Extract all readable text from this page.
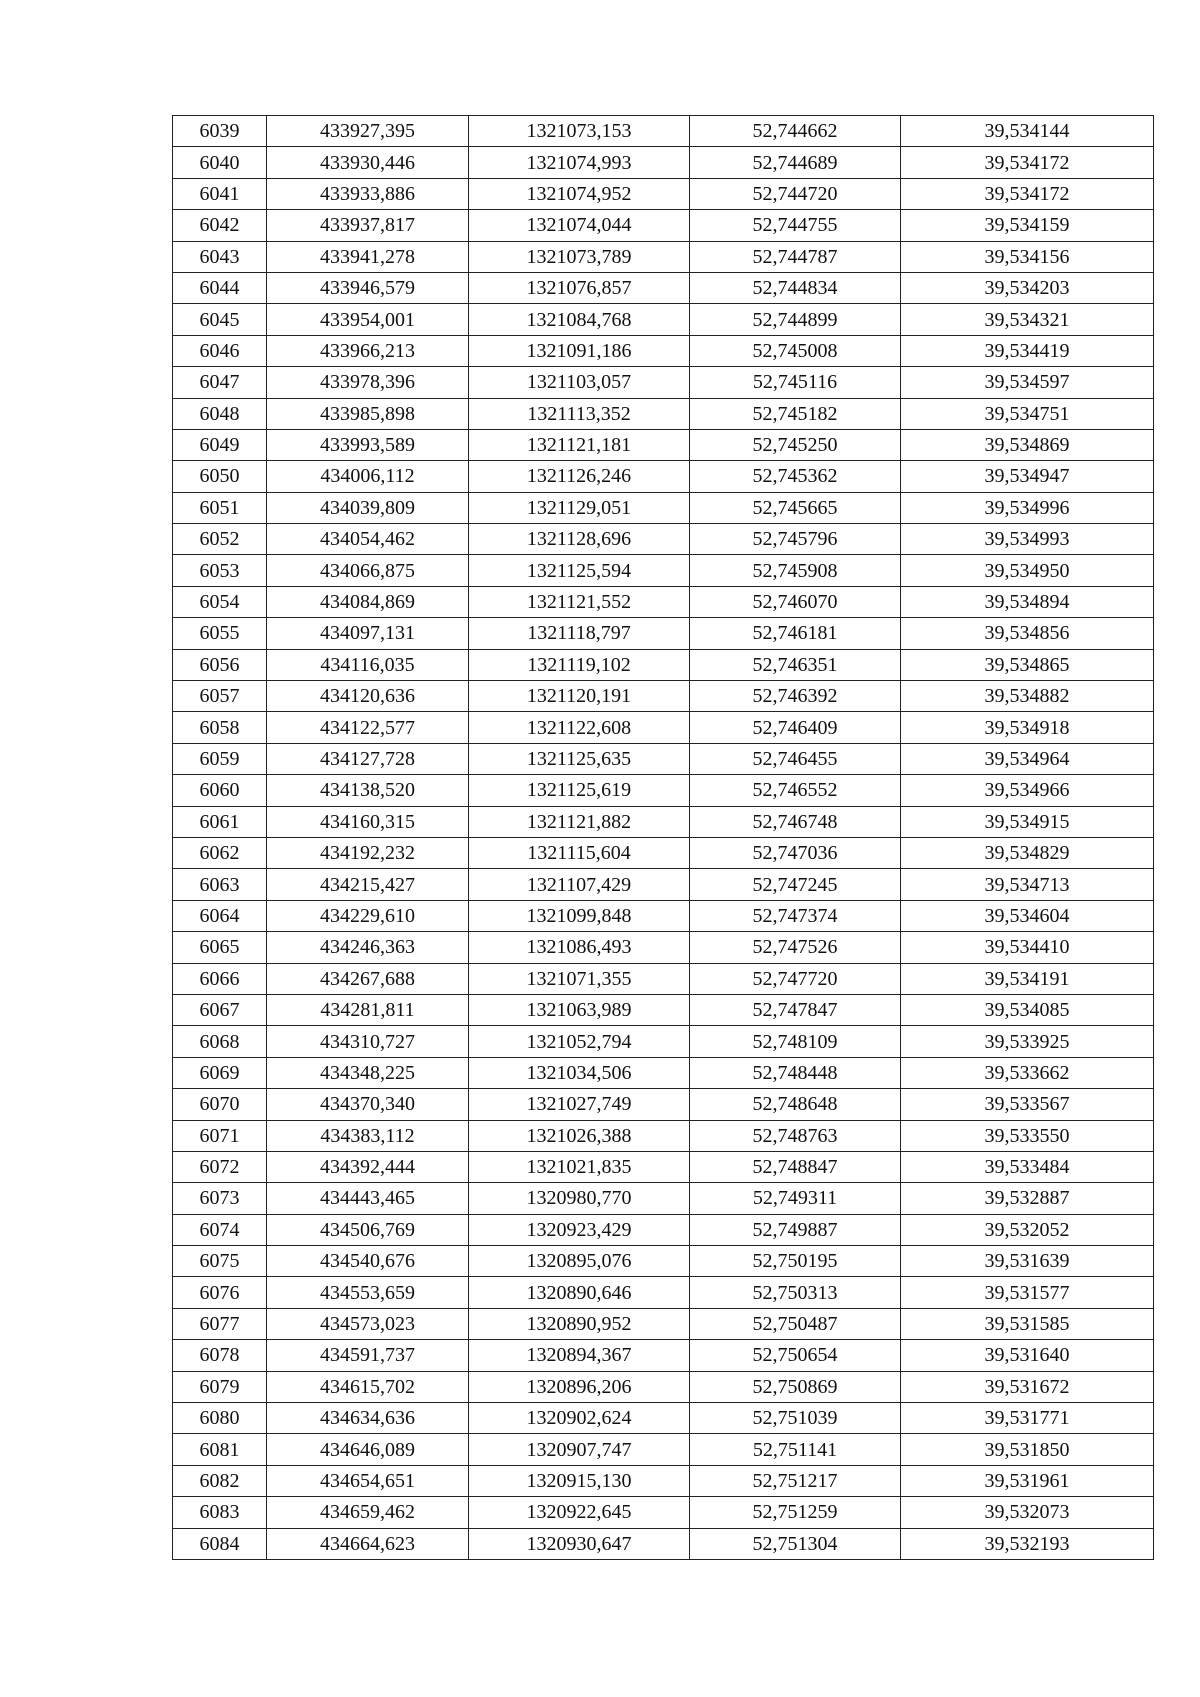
6039	433927,395	1321073,153	52,744662	39,534144
6040	433930,446	1321074,993	52,744689	39,534172
6041	433933,886	1321074,952	52,744720	39,534172
6042	433937,817	1321074,044	52,744755	39,534159
6043	433941,278	1321073,789	52,744787	39,534156
6044	433946,579	1321076,857	52,744834	39,534203
6045	433954,001	1321084,768	52,744899	39,534321
6046	433966,213	1321091,186	52,745008	39,534419
6047	433978,396	1321103,057	52,745116	39,534597
6048	433985,898	1321113,352	52,745182	39,534751
6049	433993,589	1321121,181	52,745250	39,534869
6050	434006,112	1321126,246	52,745362	39,534947
6051	434039,809	1321129,051	52,745665	39,534996
6052	434054,462	1321128,696	52,745796	39,534993
6053	434066,875	1321125,594	52,745908	39,534950
6054	434084,869	1321121,552	52,746070	39,534894
6055	434097,131	1321118,797	52,746181	39,534856
6056	434116,035	1321119,102	52,746351	39,534865
6057	434120,636	1321120,191	52,746392	39,534882
6058	434122,577	1321122,608	52,746409	39,534918
6059	434127,728	1321125,635	52,746455	39,534964
6060	434138,520	1321125,619	52,746552	39,534966
6061	434160,315	1321121,882	52,746748	39,534915
6062	434192,232	1321115,604	52,747036	39,534829
6063	434215,427	1321107,429	52,747245	39,534713
6064	434229,610	1321099,848	52,747374	39,534604
6065	434246,363	1321086,493	52,747526	39,534410
6066	434267,688	1321071,355	52,747720	39,534191
6067	434281,811	1321063,989	52,747847	39,534085
6068	434310,727	1321052,794	52,748109	39,533925
6069	434348,225	1321034,506	52,748448	39,533662
6070	434370,340	1321027,749	52,748648	39,533567
6071	434383,112	1321026,388	52,748763	39,533550
6072	434392,444	1321021,835	52,748847	39,533484
6073	434443,465	1320980,770	52,749311	39,532887
6074	434506,769	1320923,429	52,749887	39,532052
6075	434540,676	1320895,076	52,750195	39,531639
6076	434553,659	1320890,646	52,750313	39,531577
6077	434573,023	1320890,952	52,750487	39,531585
6078	434591,737	1320894,367	52,750654	39,531640
6079	434615,702	1320896,206	52,750869	39,531672
6080	434634,636	1320902,624	52,751039	39,531771
6081	434646,089	1320907,747	52,751141	39,531850
6082	434654,651	1320915,130	52,751217	39,531961
6083	434659,462	1320922,645	52,751259	39,532073
6084	434664,623	1320930,647	52,751304	39,532193
